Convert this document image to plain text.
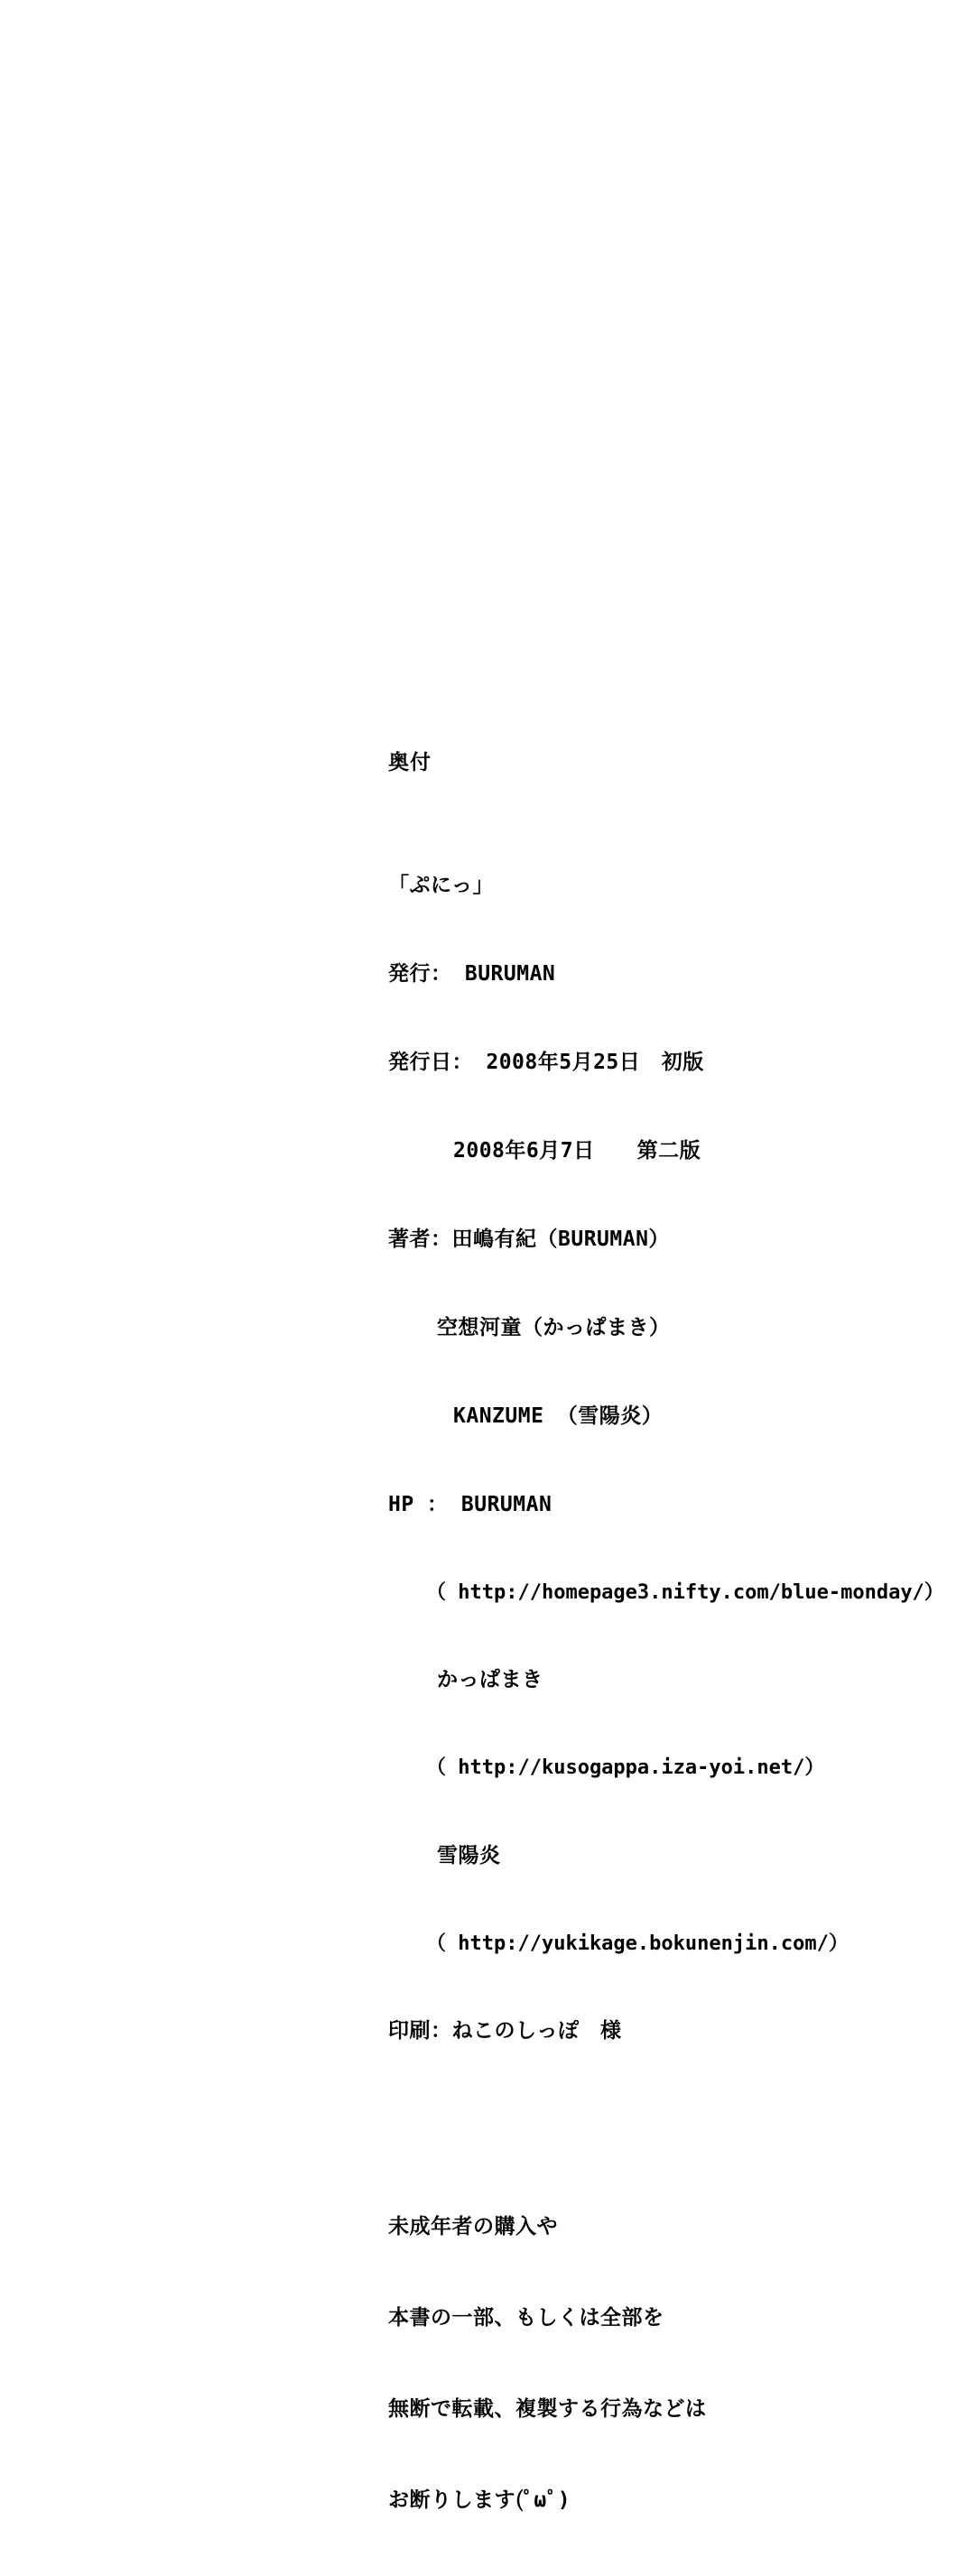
奥付

「ぷにっ」

発行： BURUMAN

発行日： 2008年5月25日　初版

2008年6月7日　　第二版

著者：田嶋有紀（BURUMAN）

空想河童（かっぱまき）

KANZUME （雪陽炎）

HP ： BURUMAN

（ http://homepage3.nifty.com/blue-monday/）

かっぱまき

（ http://kusogappa.iza-yoi.net/）

雪陽炎

（ http://yukikage.bokunenjin.com/）

印刷：ねこのしっぽ　様

未成年者の購入や

本書の一部、もしくは全部を

無断で転載、複製する行為などは

お断りします(ﾟωﾟ)
